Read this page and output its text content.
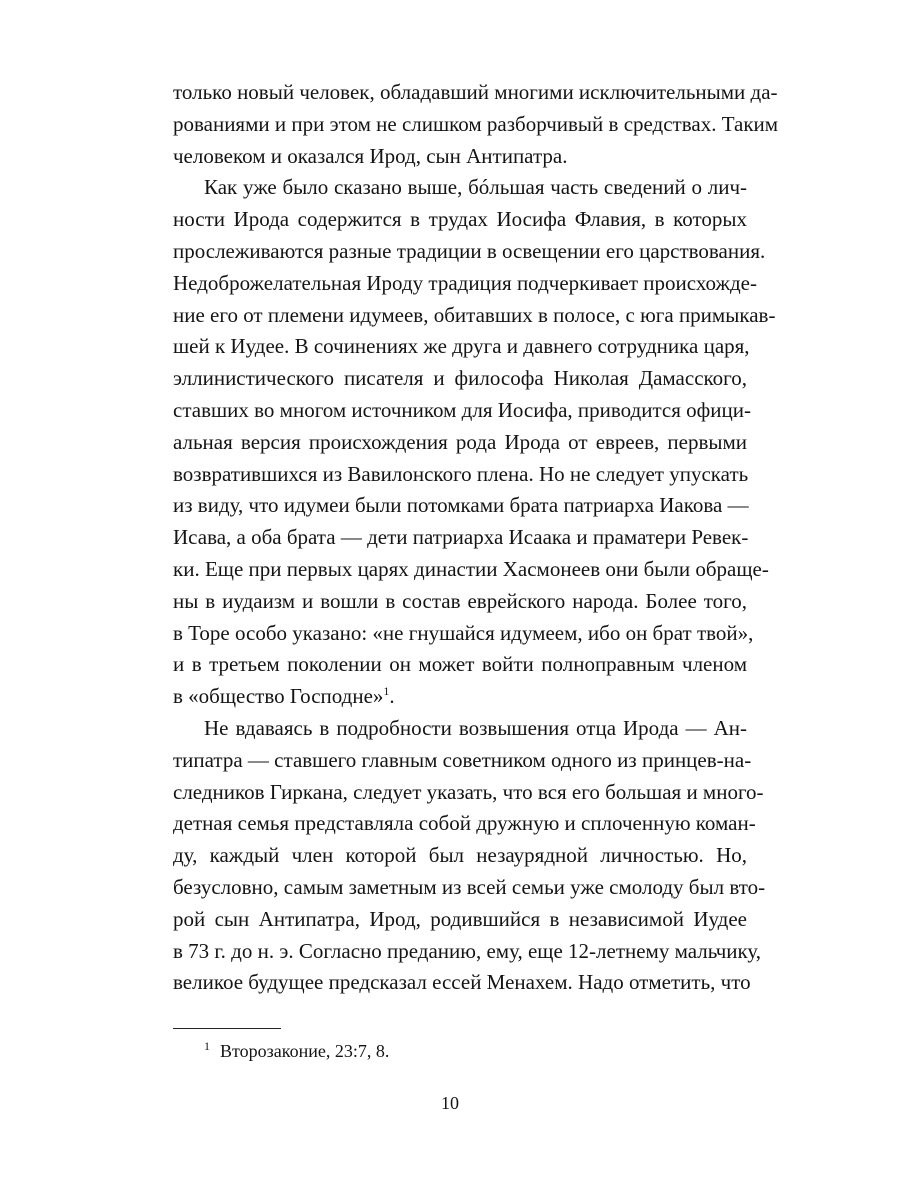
только новый человек, обладавший многими исключительными да-
рованиями и при этом не слишком разборчивый в средствах. Таким
человеком и оказался Ирод, сын Антипатра.

Как уже было сказано выше, бóльшая часть сведений о лич-
ности Ирода содержится в трудах Иосифа Флавия, в которых
прослеживаются разные традиции в освещении его царствования.
Недоброжелательная Ироду традиция подчеркивает происхожде-
ние его от племени идумеев, обитавших в полосе, с юга примыкав-
шей к Иудее. В сочинениях же друга и давнего сотрудника царя,
эллинистического писателя и философа Николая Дамасского,
ставших во многом источником для Иосифа, приводится офици-
альная версия происхождения рода Ирода от евреев, первыми
возвратившихся из Вавилонского плена. Но не следует упускать
из виду, что идумеи были потомками брата патриарха Иакова —
Исава, а оба брата — дети патриарха Исаака и праматери Ревек-
ки. Еще при первых царях династии Хасмонеев они были обраще-
ны в иудаизм и вошли в состав еврейского народа. Более того,
в Торе особо указано: «не гнушайся идумеем, ибо он брат твой»,
и в третьем поколении он может войти полноправным членом
в «общество Господне»$^1$.

Не вдаваясь в подробности возвышения отца Ирода — Ан-
типатра — ставшего главным советником одного из принцев-на-
следников Гиркана, следует указать, что вся его большая и много-
детная семья представляла собой дружную и сплоченную коман-
ду, каждый член которой был незаурядной личностью. Но,
безусловно, самым заметным из всей семьи уже смолоду был вто-
рой сын Антипатра, Ирод, родившийся в независимой Иудее
в 73 г. до н. э. Согласно преданию, ему, еще 12-летнему мальчику,
великое будущее предсказал ессей Менахем. Надо отметить, что

$^1$ Второзаконие, 23:7, 8.
10
